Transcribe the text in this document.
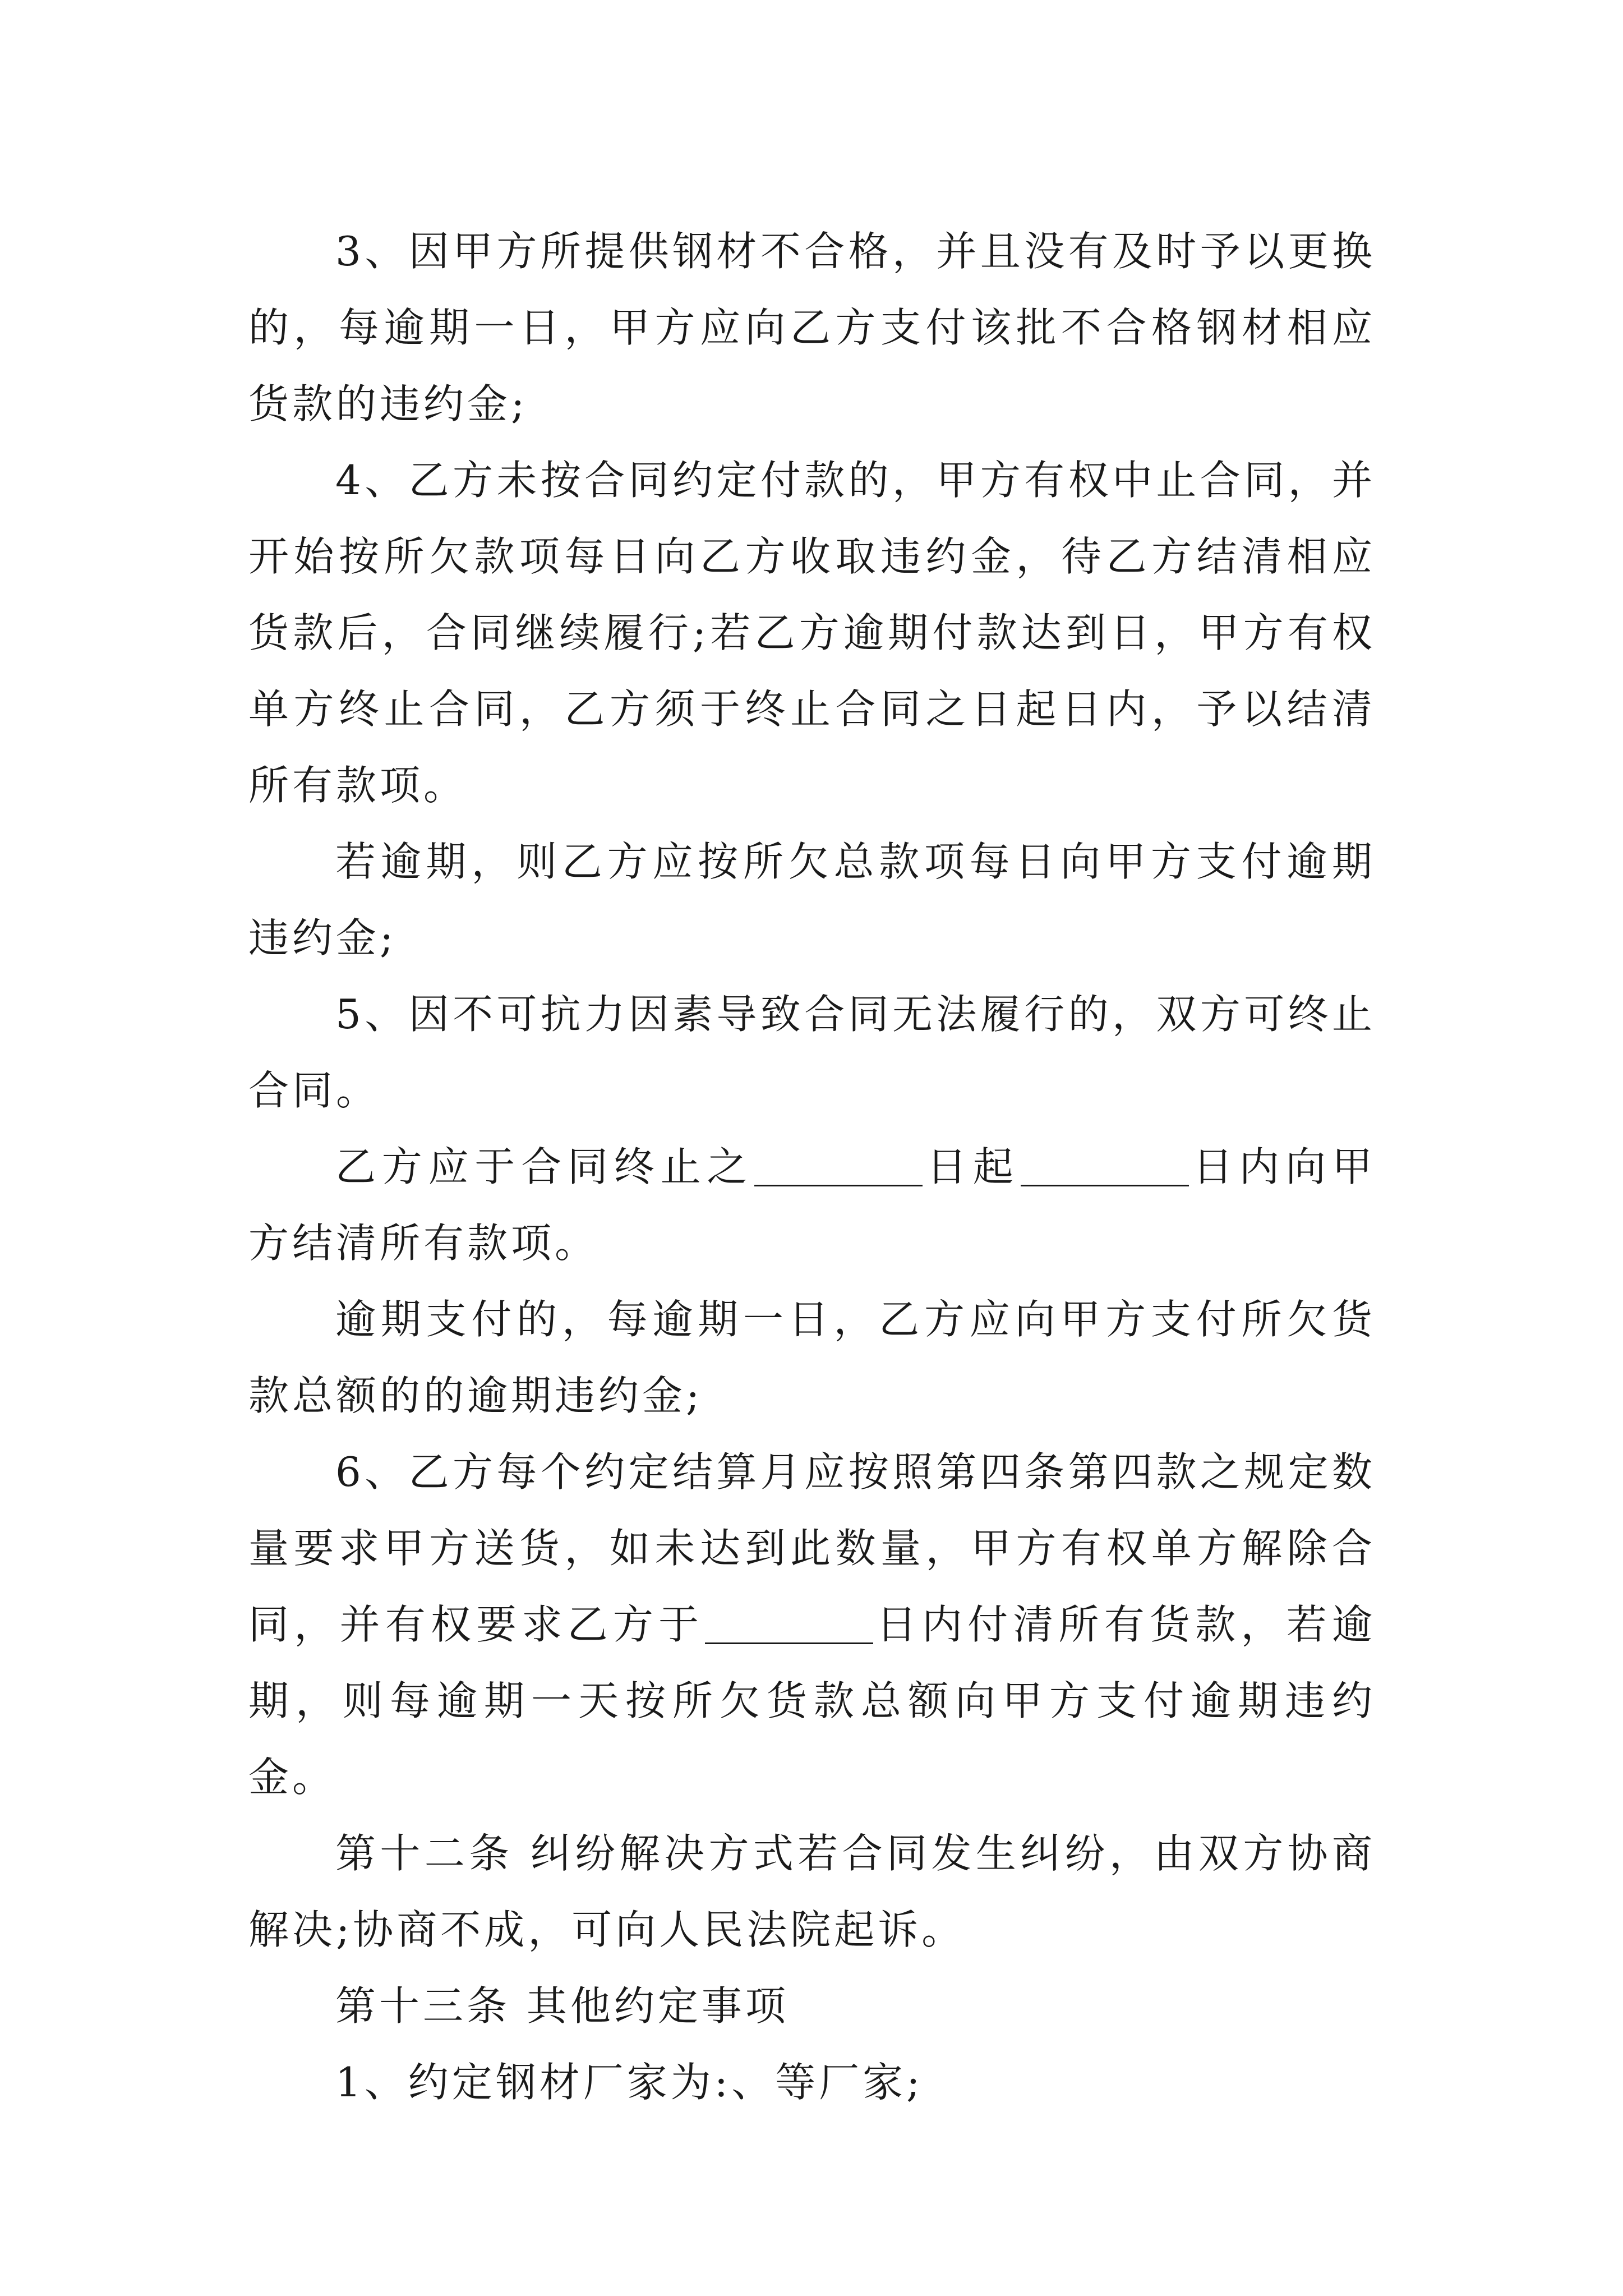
3、因甲方所提供钢材不合格，并且没有及时予以更换的，每逾期一日，甲方应向乙方支付该批不合格钢材相应货款的违约金;

4、乙方未按合同约定付款的，甲方有权中止合同，并开始按所欠款项每日向乙方收取违约金，待乙方结清相应货款后，合同继续履行;若乙方逾期付款达到日，甲方有权单方终止合同，乙方须于终止合同之日起日内，予以结清所有款项。

若逾期，则乙方应按所欠总款项每日向甲方支付逾期违约金;

5、因不可抗力因素导致合同无法履行的，双方可终止合同。

乙方应于合同终止之	日起	日内向甲方结清所有款项。

逾期支付的，每逾期一日，乙方应向甲方支付所欠货款总额的的逾期违约金;

6、乙方每个约定结算月应按照第四条第四款之规定数量要求甲方送货，如未达到此数量，甲方有权单方解除合同，并有权要求乙方于	日内付清所有货款，若逾期，则每逾期一天按所欠货款总额向甲方支付逾期违约金。

第十二条 纠纷解决方式若合同发生纠纷，由双方协商解决;协商不成，可向人民法院起诉。

第十三条 其他约定事项

1、约定钢材厂家为:、等厂家;
